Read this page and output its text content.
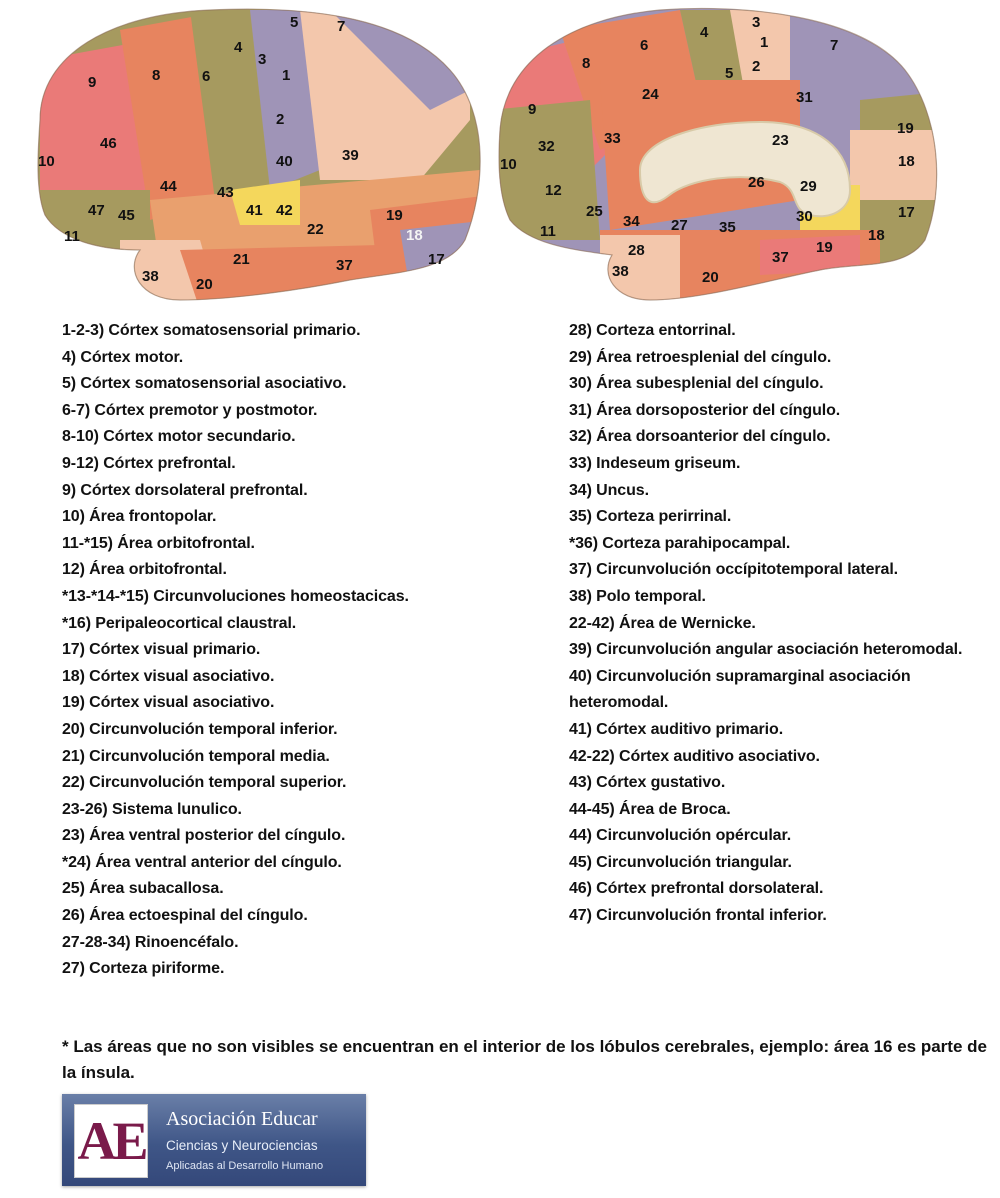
5	7
4
3
1
9	8	6
2
46
40	39
10
44	43
41 42
47 45
11	22
19
18
21	17
37
38 20
3
1
4
6
2
5
7
8
24	31
9
19
33	23
32
10	18
26 29
12
25
34 27 35
30	17
11	18
28	37
19
38	20
1-2-3) Córtex somatosensorial primario.
4) Córtex motor.
5) Córtex somatosensorial asociativo.
6-7) Córtex premotor y postmotor.
8-10) Córtex motor secundario.
9-12) Córtex prefrontal.
9) Córtex dorsolateral prefrontal.
10) Área frontopolar.
11-*15) Área orbitofrontal.
12) Área orbitofrontal.
*13-*14-*15) Circunvoluciones homeostacicas.
*16) Peripaleocortical claustral.
17) Córtex visual primario.
18) Córtex visual asociativo.
19) Córtex visual asociativo.
20) Circunvolución temporal inferior.
21) Circunvolución temporal media.
22) Circunvolución temporal superior.
23-26) Sistema lunulico.
23) Área ventral posterior del cíngulo.
*24) Área ventral anterior del cíngulo.
25) Área subacallosa.
26) Área ectoespinal del cíngulo.
27-28-34) Rinoencéfalo.
27) Corteza piriforme.
28) Corteza entorrinal.
29) Área retroesplenial del cíngulo.
30) Área subesplenial del cíngulo.
31) Área dorsoposterior del cíngulo.
32) Área dorsoanterior del cíngulo.
33) Indeseum griseum.
34) Uncus.
35) Corteza perirrinal.
*36) Corteza parahipocampal.
37) Circunvolución occípitotemporal lateral.
38) Polo temporal.
22-42) Área de Wernicke.
39) Circunvolución angular asociación heteromodal.
40) Circunvolución supramarginal asociación heteromodal.
41) Córtex auditivo primario.
42-22) Córtex auditivo asociativo.
43) Córtex gustativo.
44-45) Área de Broca.
44) Circunvolución opércular.
45) Circunvolución triangular.
46) Córtex prefrontal dorsolateral.
47) Circunvolución frontal inferior.
* Las áreas que no son visibles se encuentran en el interior de los lóbulos cerebrales, ejemplo: área 16 es parte de la ínsula.
AE Asociación Educar
Ciencias y Neurociencias
Aplicadas al Desarrollo Humano
